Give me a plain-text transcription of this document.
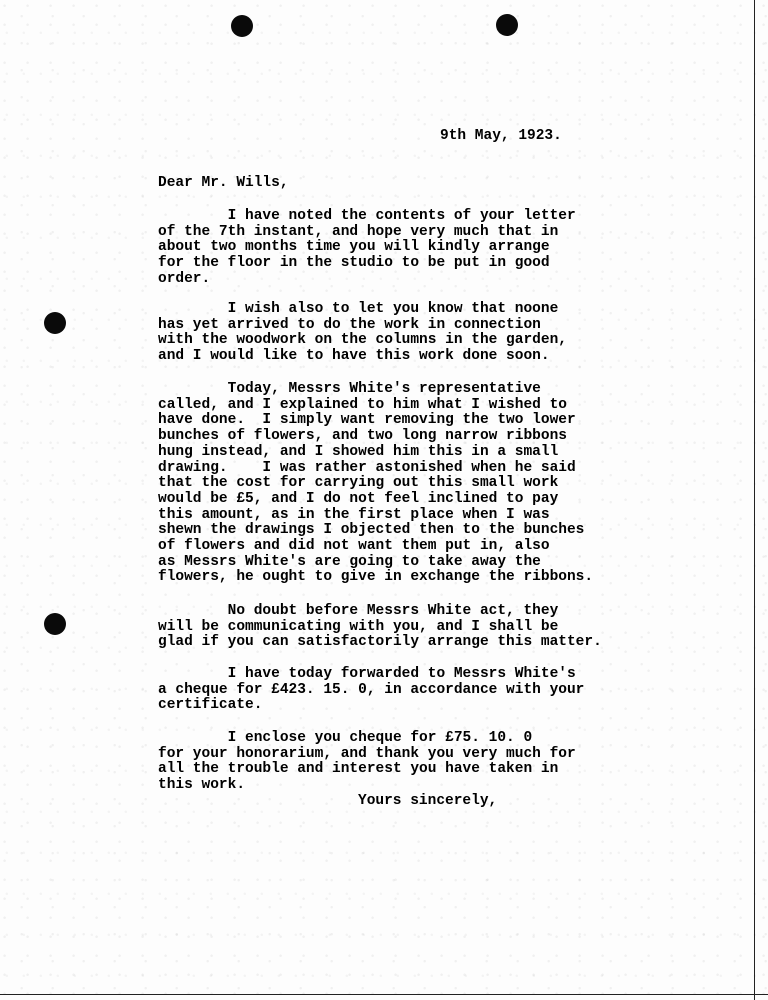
9th May, 1923.
Dear Mr. Wills,
I have noted the contents of your letter
of the 7th instant, and hope very much that in
about two months time you will kindly arrange
for the floor in the studio to be put in good
order.
I wish also to let you know that noone
has yet arrived to do the work in connection
with the woodwork on the columns in the garden,
and I would like to have this work done soon.
Today, Messrs White's representative
called, and I explained to him what I wished to
have done.  I simply want removing the two lower
bunches of flowers, and two long narrow ribbons
hung instead, and I showed him this in a small
drawing.    I was rather astonished when he said
that the cost for carrying out this small work
would be £5, and I do not feel inclined to pay
this amount, as in the first place when I was
shewn the drawings I objected then to the bunches
of flowers and did not want them put in, also
as Messrs White's are going to take away the
flowers, he ought to give in exchange the ribbons.
No doubt before Messrs White act, they
will be communicating with you, and I shall be
glad if you can satisfactorily arrange this matter.
I have today forwarded to Messrs White's
a cheque for £423. 15. 0, in accordance with your
certificate.
I enclose you cheque for £75. 10. 0
for your honorarium, and thank you very much for
all the trouble and interest you have taken in
this work.
Yours sincerely,
